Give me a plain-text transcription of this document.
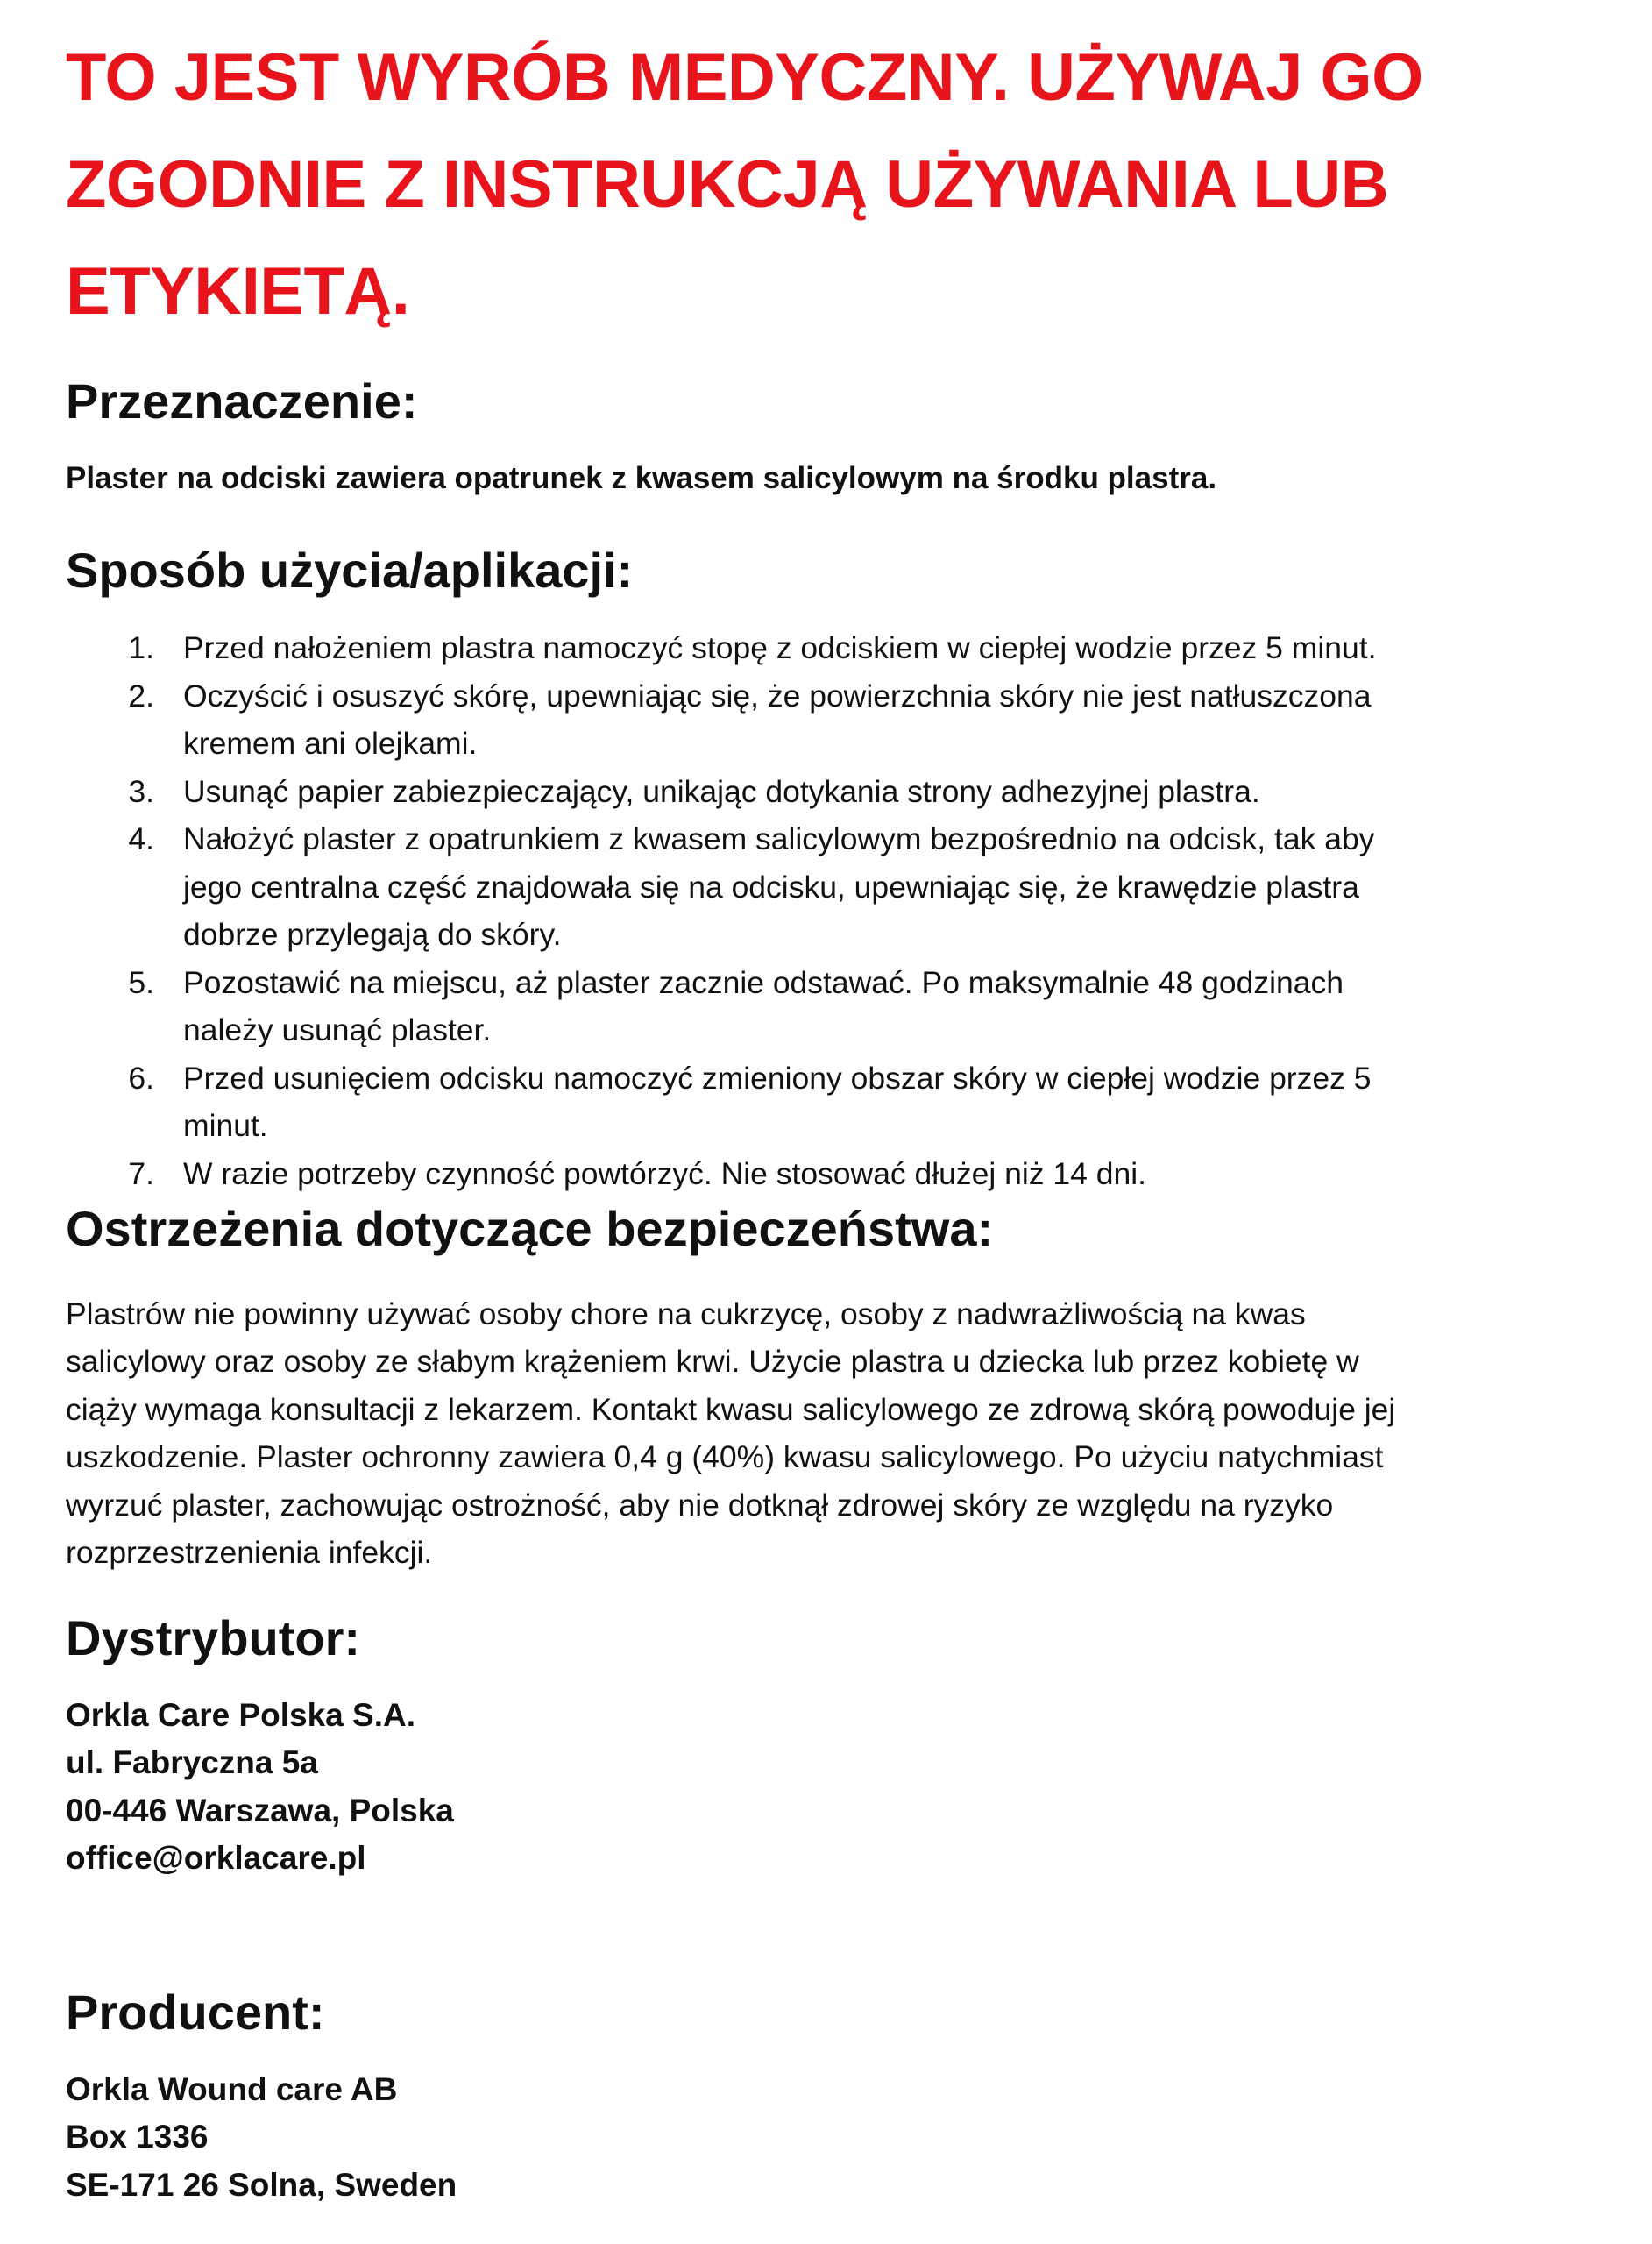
TO JEST WYRÓB MEDYCZNY. UŻYWAJ GO
ZGODNIE Z INSTRUKCJĄ UŻYWANIA LUB
ETYKIETĄ.
Przeznaczenie:

Plaster na odciski zawiera opatrunek z kwasem salicylowym na środku plastra.

Sposób użycia/aplikacji:
1. Przed nałożeniem plastra namoczyć stopę z odciskiem w ciepłej wodzie przez 5 minut.
2. Oczyścić i osuszyć skórę, upewniając się, że powierzchnia skóry nie jest natłuszczona
kremem ani olejkami.
3. Usunąć papier zabiezpieczający, unikając dotykania strony adhezyjnej plastra.
4. Nałożyć plaster z opatrunkiem z kwasem salicylowym bezpośrednio na odcisk, tak aby
jego centralna część znajdowała się na odcisku, upewniając się, że krawędzie plastra
dobrze przylegają do skóry.
5. Pozostawić na miejscu, aż plaster zacznie odstawać. Po maksymalnie 48 godzinach
należy usunąć plaster.
6. Przed usunięciem odcisku namoczyć zmieniony obszar skóry w ciepłej wodzie przez 5
minut.
7. W razie potrzeby czynność powtórzyć. Nie stosować dłużej niż 14 dni.
Ostrzeżenia dotyczące bezpieczeństwa:
Plastrów nie powinny używać osoby chore na cukrzycę, osoby z nadwrażliwością na kwas
salicylowy oraz osoby ze słabym krążeniem krwi. Użycie plastra u dziecka lub przez kobietę w
ciąży wymaga konsultacji z lekarzem. Kontakt kwasu salicylowego ze zdrową skórą powoduje jej
uszkodzenie. Plaster ochronny zawiera 0,4 g (40%) kwasu salicylowego. Po użyciu natychmiast
wyrzuć plaster, zachowując ostrożność, aby nie dotknął zdrowej skóry ze względu na ryzyko
rozprzestrzenienia infekcji.
Dystrybutor:
Orkla Care Polska S.A.
ul. Fabryczna 5a
00-446 Warszawa, Polska
office@orklacare.pl
Producent:
Orkla Wound care AB
Box 1336
SE-171 26 Solna, Sweden
